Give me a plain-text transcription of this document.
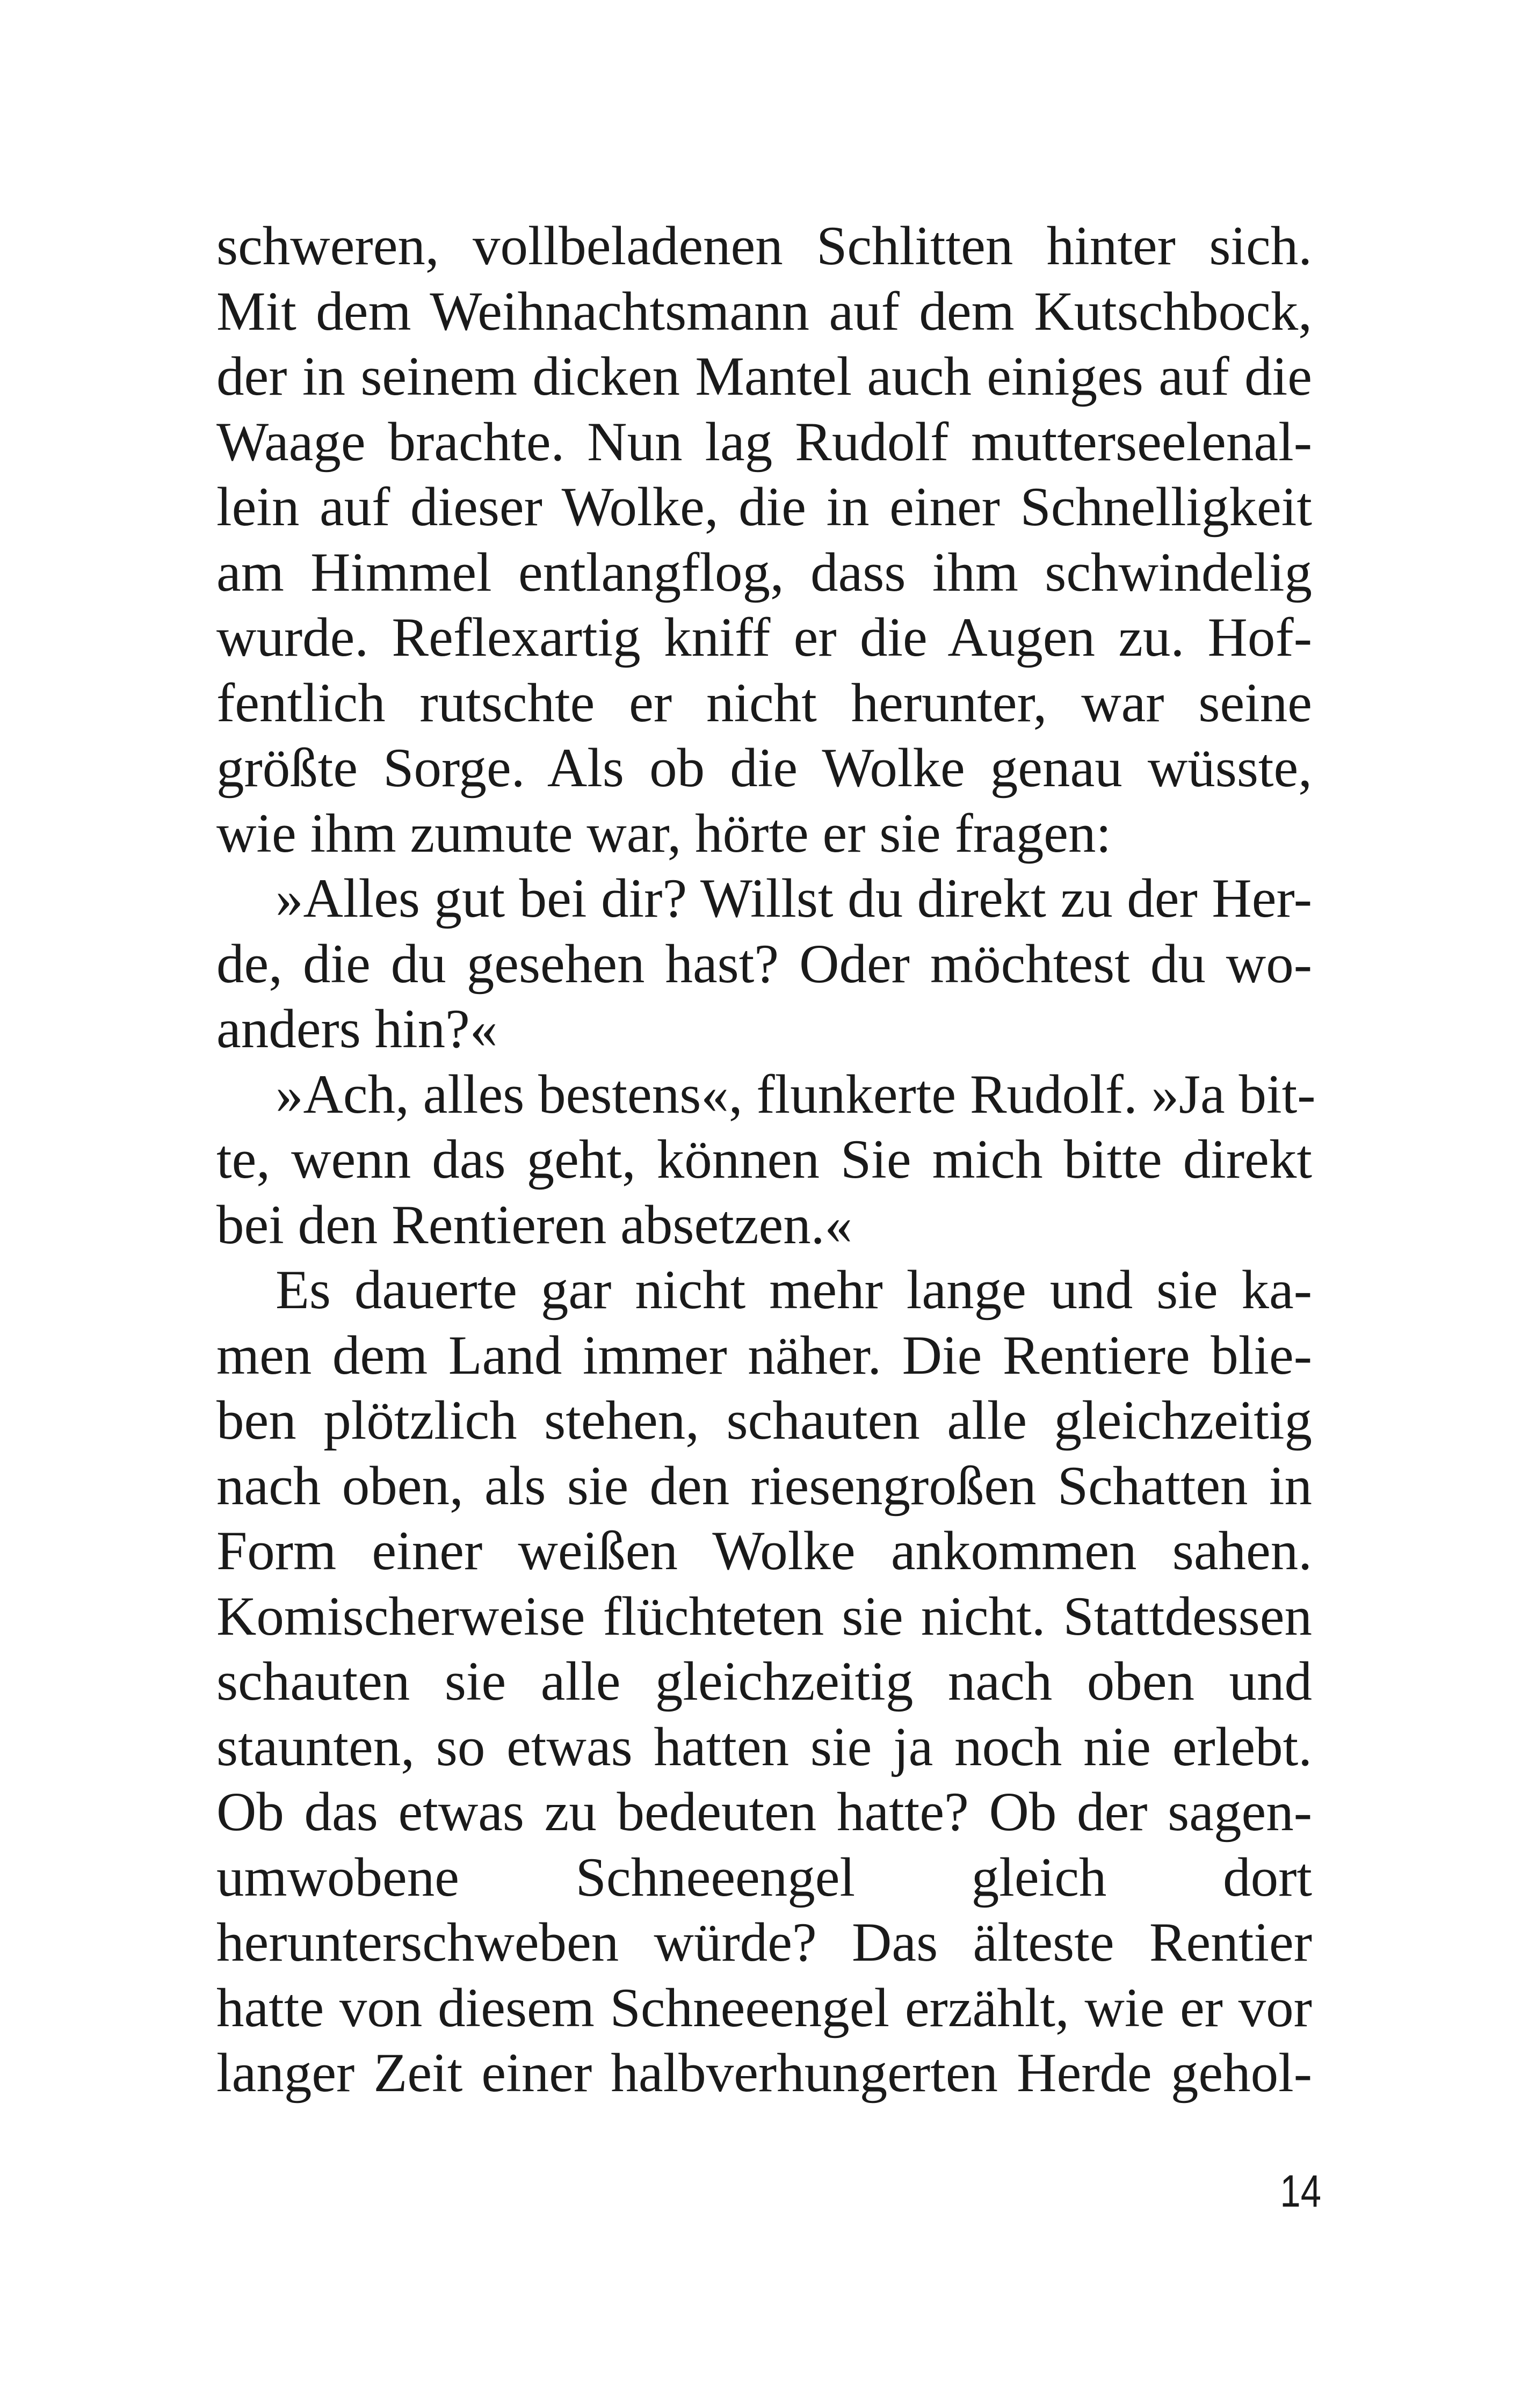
schweren, vollbeladenen Schlitten hinter sich.
Mit dem Weihnachtsmann auf dem Kutschbock,
der in seinem dicken Mantel auch einiges auf die
Waage brachte. Nun lag Rudolf mutterseelenal-
lein auf dieser Wolke, die in einer Schnelligkeit
am Himmel entlangflog, dass ihm schwindelig
wurde. Reflexartig kniff er die Augen zu. Hof-
fentlich rutschte er nicht herunter, war seine
größte Sorge. Als ob die Wolke genau wüsste,
wie ihm zumute war, hörte er sie fragen:
»Alles gut bei dir? Willst du direkt zu der Her-
de, die du gesehen hast? Oder möchtest du wo-
anders hin?«
»Ach, alles bestens«, flunkerte Rudolf. »Ja bit-
te, wenn das geht, können Sie mich bitte direkt
bei den Rentieren absetzen.«
Es dauerte gar nicht mehr lange und sie ka-
men dem Land immer näher. Die Rentiere blie-
ben plötzlich stehen, schauten alle gleichzeitig
nach oben, als sie den riesengroßen Schatten in
Form einer weißen Wolke ankommen sahen.
Komischerweise flüchteten sie nicht. Stattdessen
schauten sie alle gleichzeitig nach oben und
staunten, so etwas hatten sie ja noch nie erlebt.
Ob das etwas zu bedeuten hatte? Ob der sagen-
umwobene Schneeengel gleich dort
herunterschweben würde? Das älteste Rentier
hatte von diesem Schneeengel erzählt, wie er vor
langer Zeit einer halbverhungerten Herde gehol-
14
